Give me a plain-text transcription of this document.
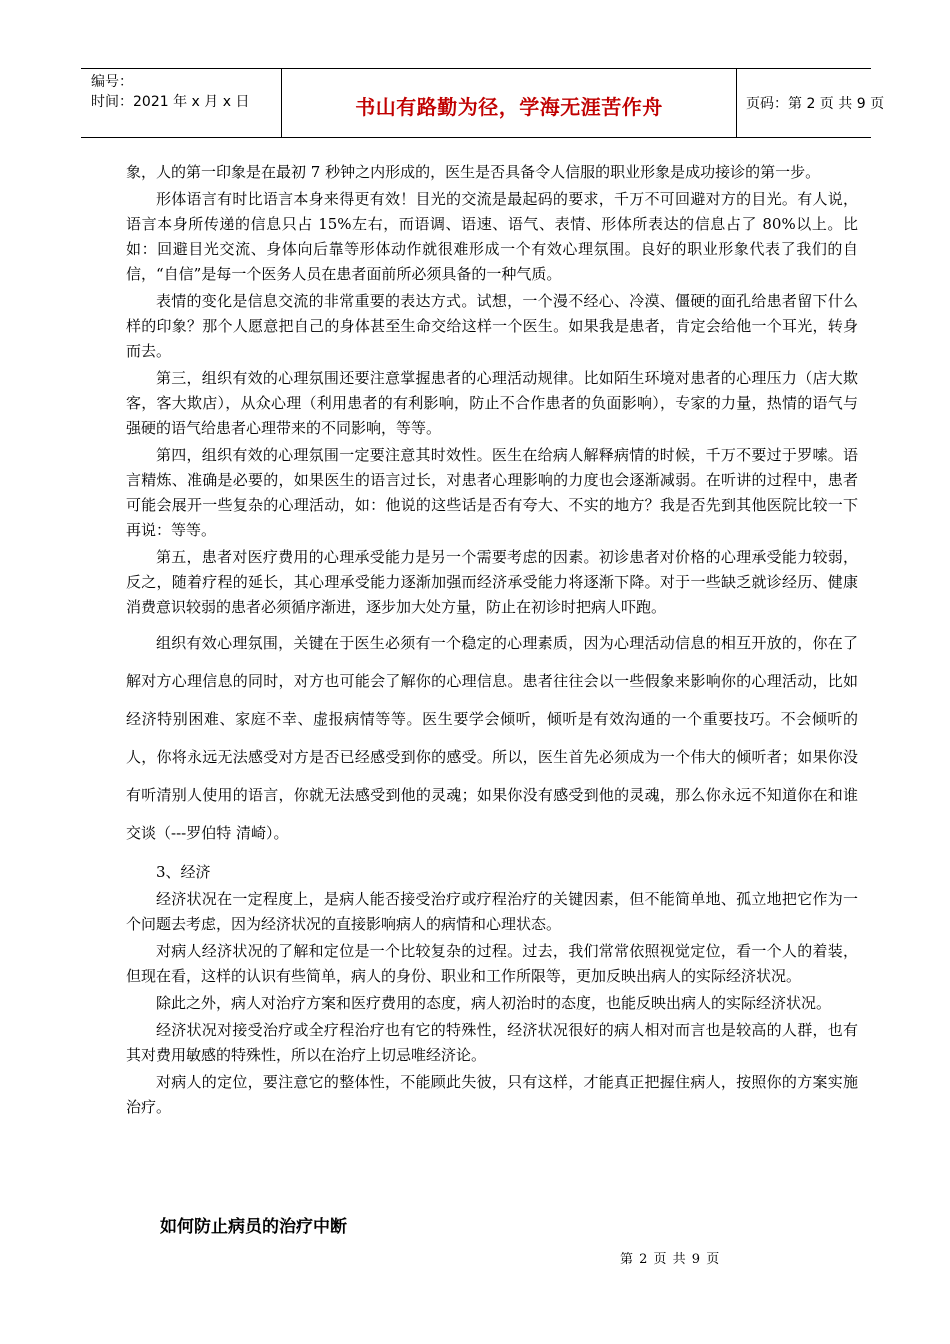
编号：
时间：2021 年 x 月 x 日	书山有路勤为径，学海无涯苦作舟	页码：第 2 页 共 9 页

象，人的第一印象是在最初 7 秒钟之内形成的，医生是否具备令人信服的职业形象是成功接诊的第一步。

形体语言有时比语言本身来得更有效！目光的交流是最起码的要求，千万不可回避对方的目光。有人说，语言本身所传递的信息只占 15%左右，而语调、语速、语气、表情、形体所表达的信息占了 80%以上。比如：回避目光交流、身体向后靠等形体动作就很难形成一个有效心理氛围。良好的职业形象代表了我们的自信，“自信”是每一个医务人员在患者面前所必须具备的一种气质。

表情的变化是信息交流的非常重要的表达方式。试想，一个漫不经心、冷漠、僵硬的面孔给患者留下什么样的印象？那个人愿意把自己的身体甚至生命交给这样一个医生。如果我是患者，肯定会给他一个耳光，转身而去。

第三，组织有效的心理氛围还要注意掌握患者的心理活动规律。比如陌生环境对患者的心理压力（店大欺客，客大欺店），从众心理（利用患者的有利影响，防止不合作患者的负面影响），专家的力量，热情的语气与强硬的语气给患者心理带来的不同影响，等等。

第四，组织有效的心理氛围一定要注意其时效性。医生在给病人解释病情的时候，千万不要过于罗嗦。语言精炼、准确是必要的，如果医生的语言过长，对患者心理影响的力度也会逐渐减弱。在听讲的过程中，患者可能会展开一些复杂的心理活动，如：他说的这些话是否有夸大、不实的地方？我是否先到其他医院比较一下再说：等等。

第五，患者对医疗费用的心理承受能力是另一个需要考虑的因素。初诊患者对价格的心理承受能力较弱，反之，随着疗程的延长，其心理承受能力逐渐加强而经济承受能力将逐渐下降。对于一些缺乏就诊经历、健康消费意识较弱的患者必须循序渐进，逐步加大处方量，防止在初诊时把病人吓跑。

组织有效心理氛围，关键在于医生必须有一个稳定的心理素质，因为心理活动信息的相互开放的，你在了解对方心理信息的同时，对方也可能会了解你的心理信息。患者往往会以一些假象来影响你的心理活动，比如经济特别困难、家庭不幸、虚报病情等等。医生要学会倾听，倾听是有效沟通的一个重要技巧。不会倾听的人，你将永远无法感受对方是否已经感受到你的感受。所以，医生首先必须成为一个伟大的倾听者；如果你没有听清别人使用的语言，你就无法感受到他的灵魂；如果你没有感受到他的灵魂，那么你永远不知道你在和谁交谈（---罗伯特 清崎）。

3、经济

经济状况在一定程度上，是病人能否接受治疗或疗程治疗的关键因素，但不能简单地、孤立地把它作为一个问题去考虑，因为经济状况的直接影响病人的病情和心理状态。

对病人经济状况的了解和定位是一个比较复杂的过程。过去，我们常常依照视觉定位，看一个人的着装，但现在看，这样的认识有些简单，病人的身份、职业和工作所限等，更加反映出病人的实际经济状况。

除此之外，病人对治疗方案和医疗费用的态度，病人初治时的态度，也能反映出病人的实际经济状况。

经济状况对接受治疗或全疗程治疗也有它的特殊性，经济状况很好的病人相对而言也是较高的人群，也有其对费用敏感的特殊性，所以在治疗上切忌唯经济论。

对病人的定位，要注意它的整体性，不能顾此失彼，只有这样，才能真正把握住病人，按照你的方案实施治疗。

如何防止病员的治疗中断
第 2 页 共 9 页
